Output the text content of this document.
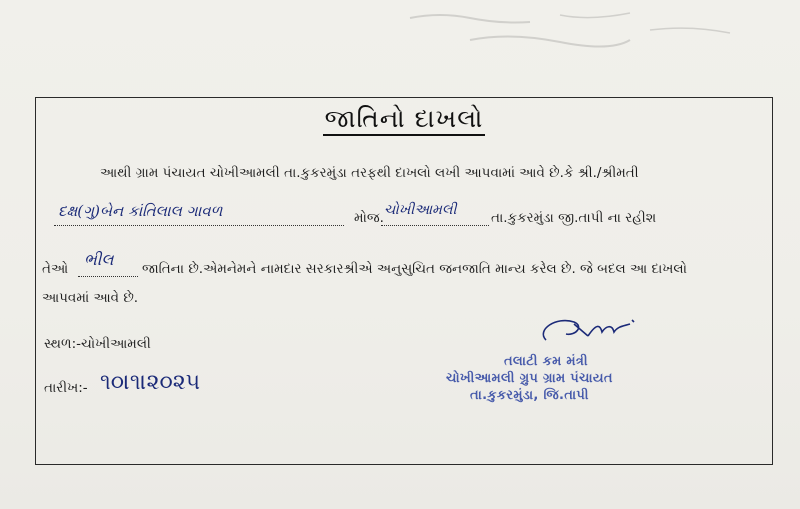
જાતિનો દાખલો
આથી ગ્રામ પંચાયત ચોખીઆમલી તા.કુકરમુંડા તરફથી દાખલો લખી આપવામાં આવે છે.કે શ્રી./શ્રીમતી
દક્ષ(ગુ)બેન કાંતિલાલ ગાવળ	મોજ. ચોખીઆમલી	તા.કુકરમુંડા જી.તાપી ના રહીશ
તેઓ ભીલ જાતિના છે.એમનેમને નામદાર સરકારશ્રીએ અનુસુચિત જનજાતિ માન્ય કરેલ છે. જે બદલ આ દાખલો
આપવમાં આવે છે.
સ્થળ:-ચોખીઆમલી
તારીખ:- ૧૦।૧।૨૦૨૫
તલાટી કમ મંત્રી
ચોખીઆમલી ગ્રુપ ગ્રામ પંચાયત
તા.કુકરમુંડા, જિ.તાપી
